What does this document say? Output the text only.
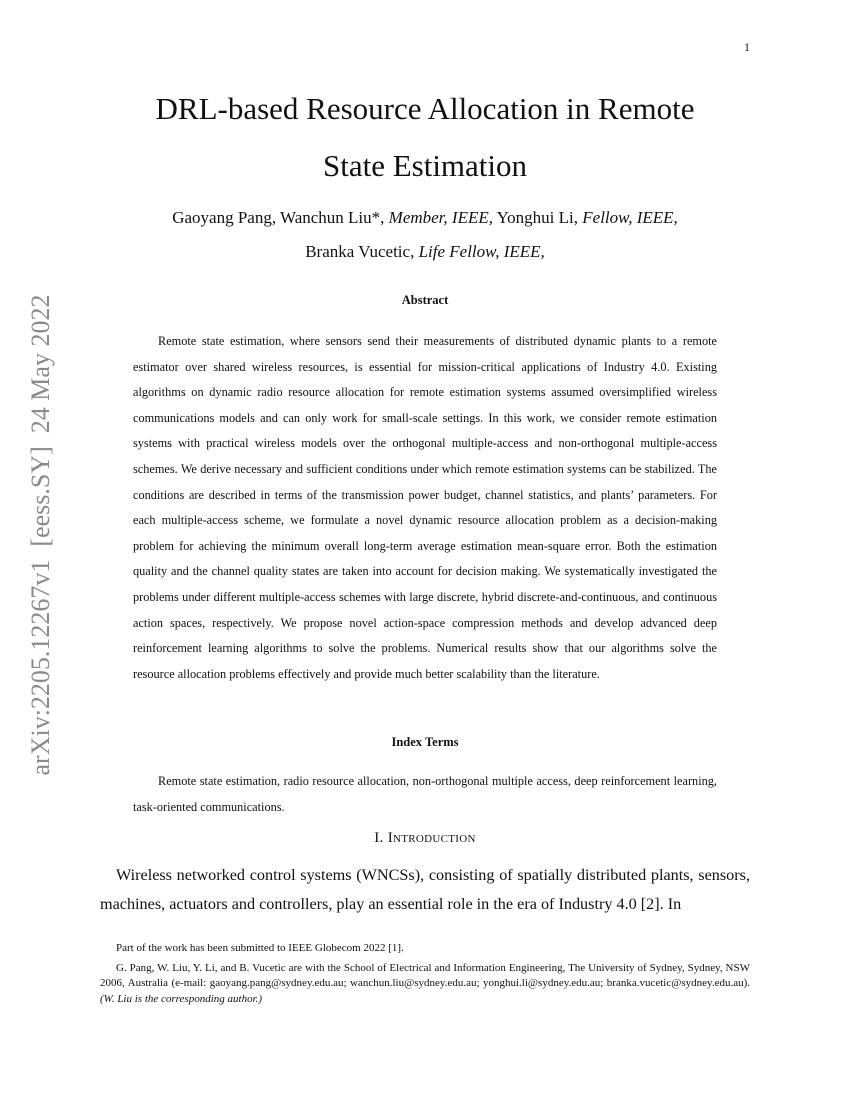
1
arXiv:2205.12267v1  [eess.SY]  24 May 2022
DRL-based Resource Allocation in Remote
State Estimation
Gaoyang Pang, Wanchun Liu*, Member, IEEE, Yonghui Li, Fellow, IEEE,
Branka Vucetic, Life Fellow, IEEE,
Abstract
Remote state estimation, where sensors send their measurements of distributed dynamic plants to a remote estimator over shared wireless resources, is essential for mission-critical applications of Industry 4.0. Existing algorithms on dynamic radio resource allocation for remote estimation systems assumed oversimplified wireless communications models and can only work for small-scale settings. In this work, we consider remote estimation systems with practical wireless models over the orthogonal multiple-access and non-orthogonal multiple-access schemes. We derive necessary and sufficient conditions under which remote estimation systems can be stabilized. The conditions are described in terms of the transmission power budget, channel statistics, and plants’ parameters. For each multiple-access scheme, we formulate a novel dynamic resource allocation problem as a decision-making problem for achieving the minimum overall long-term average estimation mean-square error. Both the estimation quality and the channel quality states are taken into account for decision making. We systematically investigated the problems under different multiple-access schemes with large discrete, hybrid discrete-and-continuous, and continuous action spaces, respectively. We propose novel action-space compression methods and develop advanced deep reinforcement learning algorithms to solve the problems. Numerical results show that our algorithms solve the resource allocation problems effectively and provide much better scalability than the literature.
Index Terms
Remote state estimation, radio resource allocation, non-orthogonal multiple access, deep reinforcement learning, task-oriented communications.
I. Introduction
Wireless networked control systems (WNCSs), consisting of spatially distributed plants, sensors, machines, actuators and controllers, play an essential role in the era of Industry 4.0 [2]. In

Part of the work has been submitted to IEEE Globecom 2022 [1].

G. Pang, W. Liu, Y. Li, and B. Vucetic are with the School of Electrical and Information Engineering, The University of Sydney, Sydney, NSW 2006, Australia (e-mail: gaoyang.pang@sydney.edu.au; wanchun.liu@sydney.edu.au; yonghui.li@sydney.edu.au; branka.vucetic@sydney.edu.au). (W. Liu is the corresponding author.)
